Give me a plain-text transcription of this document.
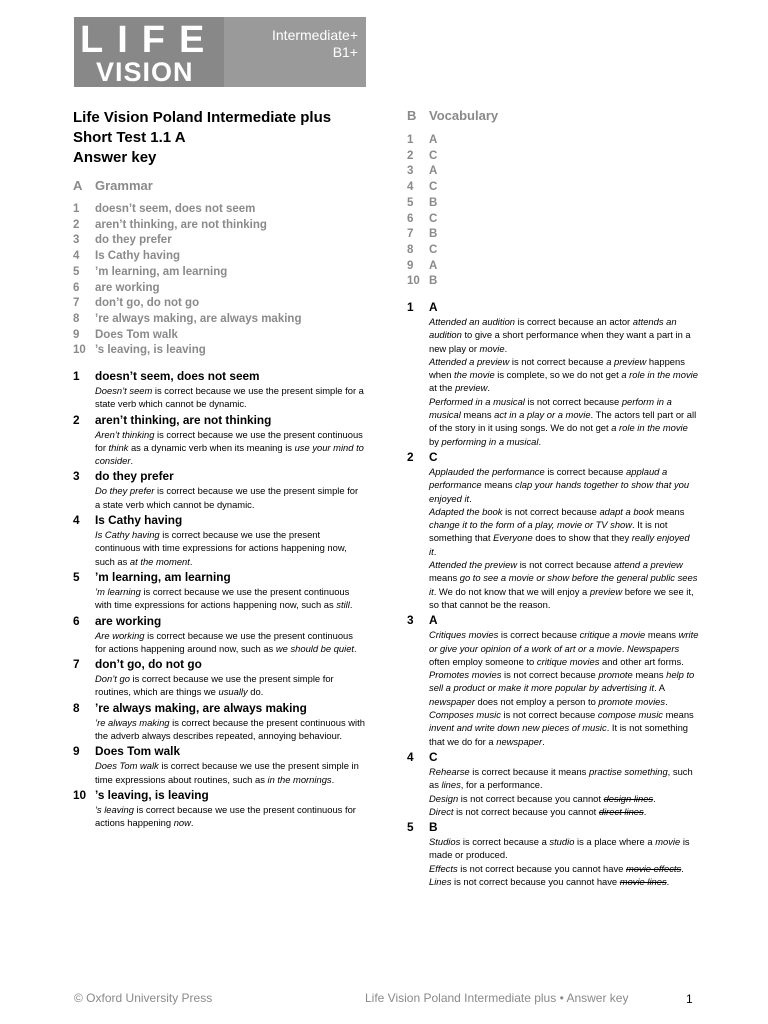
LIFE
VISION
Intermediate+
B1+
Life Vision Poland Intermediate plus
Short Test 1.1 A
Answer key
A Grammar
1	doesn’t seem, does not seem
2	aren’t thinking, are not thinking
3	do they prefer
4	Is Cathy having
5	’m learning, am learning
6	are working
7	don’t go, do not go
8	’re always making, are always making
9	Does Tom walk
10 ’s leaving, is leaving
1	doesn’t seem, does not seem

Doesn’t seem is correct because we use the present simple for a state verb which cannot be dynamic.

2	aren’t thinking, are not thinking

Aren’t thinking is correct because we use the present continuous for think as a dynamic verb when its meaning is use your mind to consider.

3	do they prefer

Do they prefer is correct because we use the present simple for a state verb which cannot be dynamic.

4	Is Cathy having

Is Cathy having is correct because we use the present continuous with time expressions for actions happening now, such as at the moment.

5	’m learning, am learning

’m learning is correct because we use the present continuous with time expressions for actions happening now, such as still.

6	are working

Are working is correct because we use the present continuous for actions happening around now, such as we should be quiet.

7	don’t go, do not go

Don’t go is correct because we use the present simple for routines, which are things we usually do.

8	’re always making, are always making

’re always making is correct because the present continuous with the adverb always describes repeated, annoying behaviour.

9	Does Tom walk

Does Tom walk is correct because we use the present simple in time expressions about routines, such as in the mornings.

10 ’s leaving, is leaving

’s leaving is correct because we use the present continuous for actions happening now.

B Vocabulary
1	A
2	C
3	A
4	C
5	B
6	C
7	B
8	C
9	A
10 B
1	A

Attended an audition is correct because an actor attends an audition to give a short performance when they want a part in a new play or movie.

Attended a preview is not correct because a preview happens when the movie is complete, so we do not get a role in the movie at the preview.

Performed in a musical is not correct because perform in a musical means act in a play or a movie. The actors tell part or all of the story in it using songs. We do not get a role in the movie by performing in a musical.

2	C

Applauded the performance is correct because applaud a performance means clap your hands together to show that you enjoyed it.

Adapted the book is not correct because adapt a book means change it to the form of a play, movie or TV show. It is not something that Everyone does to show that they really enjoyed it.

Attended the preview is not correct because attend a preview means go to see a movie or show before the general public sees it. We do not know that we will enjoy a preview before we see it, so that cannot be the reason.

3	A

Critiques movies is correct because critique a movie means write or give your opinion of a work of art or a movie. Newspapers often employ someone to critique movies and other art forms.

Promotes movies is not correct because promote means help to sell a product or make it more popular by advertising it. A newspaper does not employ a person to promote movies.

Composes music is not correct because compose music means invent and write down new pieces of music. It is not something that we do for a newspaper.

4	C

Rehearse is correct because it means practise something, such as lines, for a performance.

Design is not correct because you cannot design lines.

Direct is not correct because you cannot direct lines.

5	B

Studios is correct because a studio is a place where a movie is made or produced.

Effects is not correct because you cannot have movie effects.

Lines is not correct because you cannot have movie lines.

© Oxford University Press	Life Vision Poland Intermediate plus • Answer key	1
